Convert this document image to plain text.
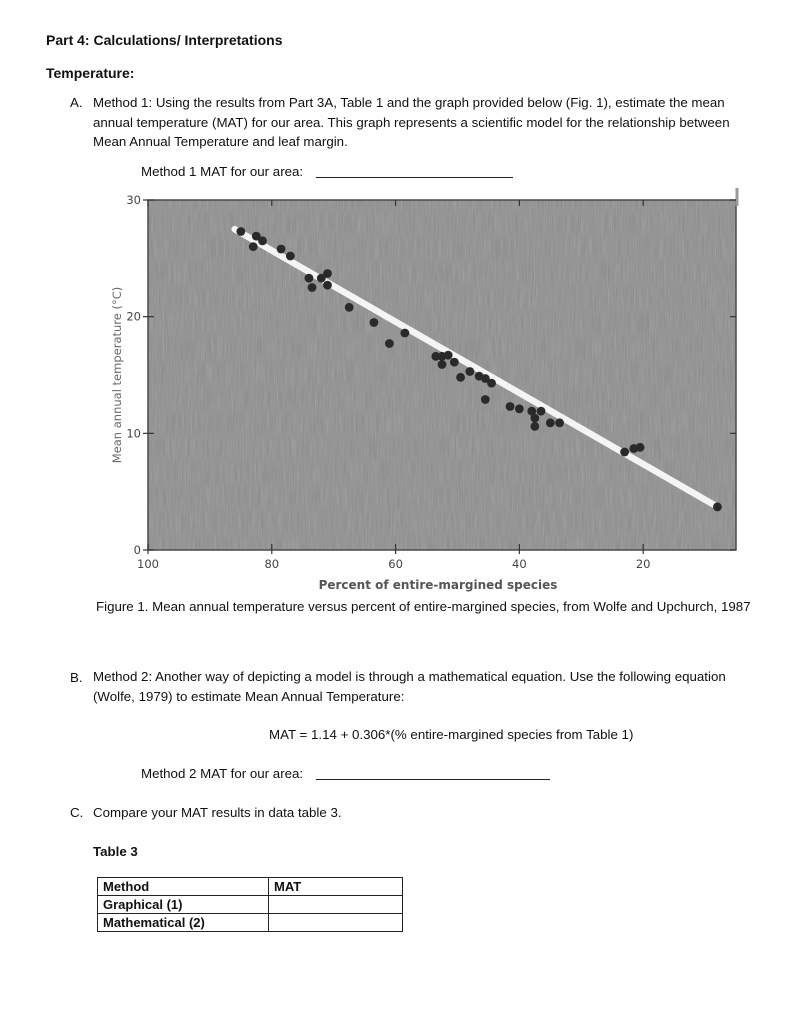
Part 4: Calculations/ Interpretations
Temperature:
A. Method 1: Using the results from Part 3A, Table 1 and the graph provided below (Fig. 1), estimate the mean
annual temperature (MAT) for our area. This graph represents a scientific model for the relationship between
Mean Annual Temperature and leaf margin.
Method 1 MAT for our area:
30
20
10
0
100	80	60	40	20
Mean annual temperature (°C)
Percent of entire-margined species
Figure 1. Mean annual temperature versus percent of entire-margined species, from Wolfe and Upchurch, 1987
B. Method 2: Another way of depicting a model is through a mathematical equation. Use the following equation
(Wolfe, 1979) to estimate Mean Annual Temperature:
MAT = 1.14 + 0.306*(% entire-margined species from Table 1)
Method 2 MAT for our area:
C. Compare your MAT results in data table 3.
Table 3
Method	MAT
Graphical (1)	
Mathematical (2)	
